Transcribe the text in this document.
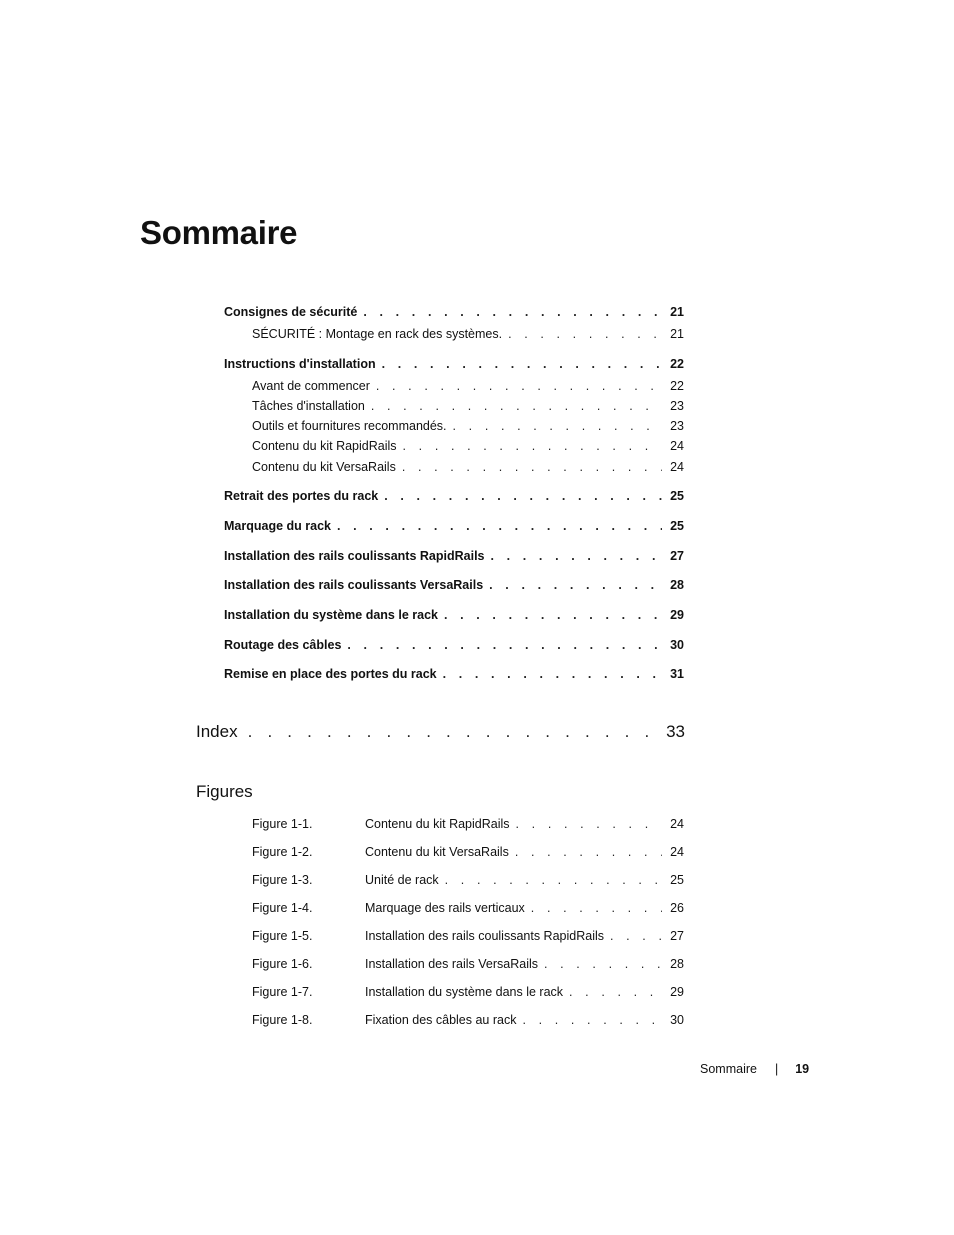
Sommaire
Consignes de sécurité . . .	21
SÉCURITÉ : Montage en rack des systèmes. . . .	21
Instructions d'installation . . .	22
Avant de commencer . . .	22
Tâches d'installation . . .	23
Outils et fournitures recommandés. . . .	23
Contenu du kit RapidRails . . .	24
Contenu du kit VersaRails . . .	24
Retrait des portes du rack . . .	25
Marquage du rack . . .	25
Installation des rails coulissants RapidRails . . .	27
Installation des rails coulissants VersaRails . . .	28
Installation du système dans le rack . . .	29
Routage des câbles . . .	30
Remise en place des portes du rack . . .	31
Index . . .	33
Figures
Figure 1-1.	Contenu du kit RapidRails . . .	24
Figure 1-2.	Contenu du kit VersaRails . . .	24
Figure 1-3.	Unité de rack . . .	25
Figure 1-4.	Marquage des rails verticaux . . .	26
Figure 1-5.	Installation des rails coulissants RapidRails . . .	27
Figure 1-6.	Installation des rails VersaRails . . .	28
Figure 1-7.	Installation du système dans le rack . . .	29
Figure 1-8.	Fixation des câbles au rack . . .	30
Sommaire | 19
